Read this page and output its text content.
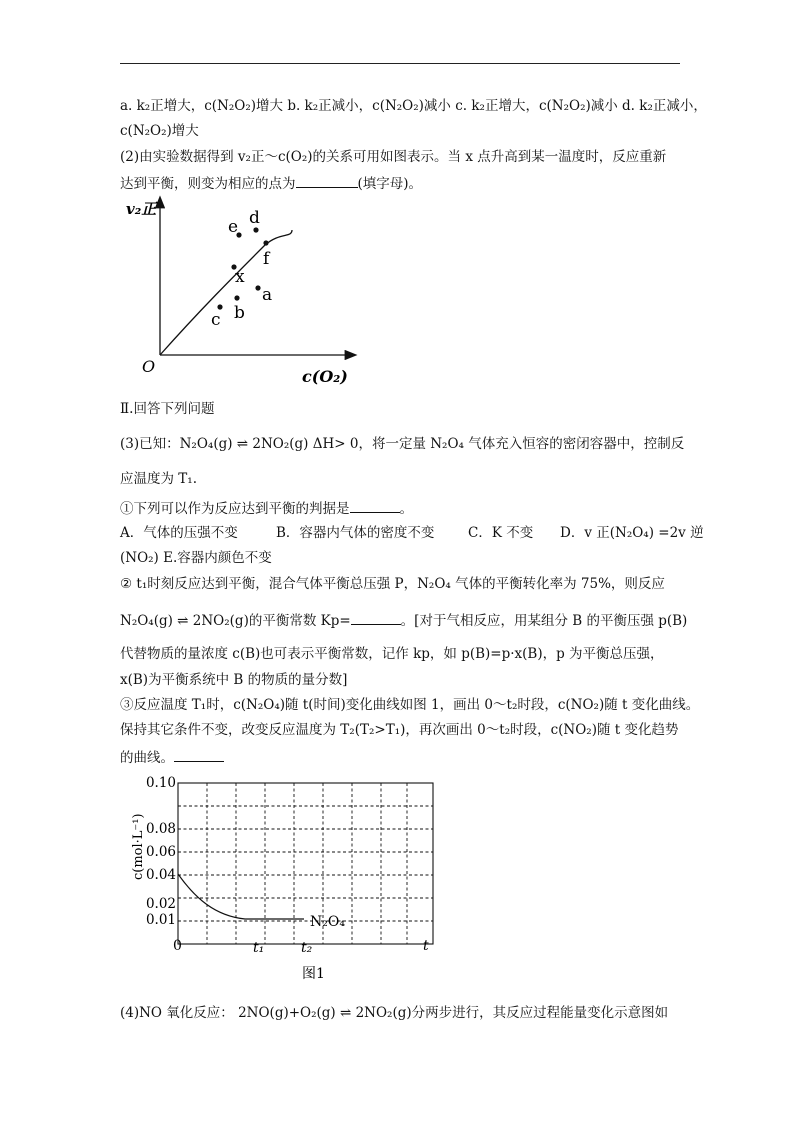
a. k₂正增大，c(N₂O₂)增大 b. k₂正减小，c(N₂O₂)减小 c. k₂正增大，c(N₂O₂)减小 d. k₂正减小，
c(N₂O₂)增大
(2)由实验数据得到 v₂正～c(O₂)的关系可用如图表示。当 x 点升高到某一温度时，反应重新
达到平衡，则变为相应的点为	(填字母)。
v₂正
c(O₂)
O
e d
f
x
a
c b
Ⅱ.回答下列问题
(3)已知：N₂O₄(g) ⇌ 2NO₂(g) ΔH> 0，将一定量 N₂O₄ 气体充入恒容的密闭容器中，控制反
应温度为 T₁.
①下列可以作为反应达到平衡的判据是	。
A．气体的压强不变	B．容器内气体的密度不变 C．K 不变 D．v 正(N₂O₄) =2v 逆
(NO₂) E.容器内颜色不变
② t₁时刻反应达到平衡，混合气体平衡总压强 P，N₂O₄ 气体的平衡转化率为 75%，则反应
N₂O₄(g) ⇌ 2NO₂(g)的平衡常数 Kp=	。[对于气相反应，用某组分 B 的平衡压强 p(B)
代替物质的量浓度 c(B)也可表示平衡常数，记作 kp，如 p(B)=p·x(B)，p 为平衡总压强，
x(B)为平衡系统中 B 的物质的量分数]
③反应温度 T₁时，c(N₂O₄)随 t(时间)变化曲线如图 1，画出 0～t₂时段，c(NO₂)随 t 变化曲线。
保持其它条件不变，改变反应温度为 T₂(T₂>T₁)，再次画出 0～t₂时段，c(NO₂)随 t 变化趋势
的曲线。
c(mol·L⁻¹)
0.10
0.08
0.06
0.04
0.02
0.01
0	t₁	t₂	t
N₂O₄
图1
(4)NO 氧化反应： 2NO(g)+O₂(g) ⇌ 2NO₂(g)分两步进行，其反应过程能量变化示意图如
